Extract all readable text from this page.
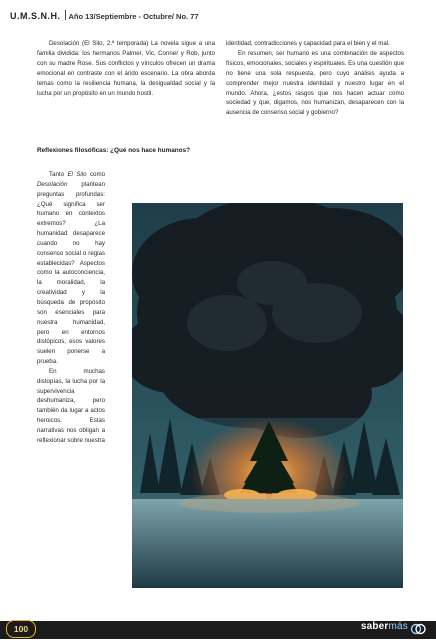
U.M.S.N.H. Año 13/Septiembre - Octubre/ No. 77

Desolación (El Silo, 2.ª temporada) La novela sigue a una familia dividida: los hermanos Palmer, Vic, Conner y Rob, junto con su madre Rose. Sus conflictos y vínculos ofrecen un drama emocional en contraste con el árido escenario. La obra aborda temas como la resiliencia humana, la desigualdad social y la lucha por un propósito en un mundo hostil.

identidad, contradicciones y capacidad para el bien y el mal.

En resumen, ser humano es una combinación de aspectos físicos, emocionales, sociales y espirituales. Es una cuestión que no tiene una sola respuesta, pero cuyo análisis ayuda a comprender mejor nuestra identidad y nuestro lugar en el mundo. Ahora, ¿estos rasgos que nos hacen actuar como sociedad y que, digamos, nos humanizan, desaparecen con la ausencia de consenso social y gobierno?

Reflexiones filosóficas: ¿Qué nos hace humanos?

Tanto El Silo como Desolación plantean preguntas profundas: ¿Qué significa ser humano en contextos extremos? ¿La humanidad desaparece cuando no hay consenso social o reglas establecidas? Aspectos como la autoconciencia, la moralidad, la creatividad y la búsqueda de propósito son esenciales para nuestra humanidad, pero en entornos distópicos, esos valores suelen ponerse a prueba.

En muchas distopías, la lucha por la supervivencia deshumaniza, pero también da lugar a actos heroicos. Estas narrativas nos obligan a reflexionar sobre nuestra

100	sabermás
